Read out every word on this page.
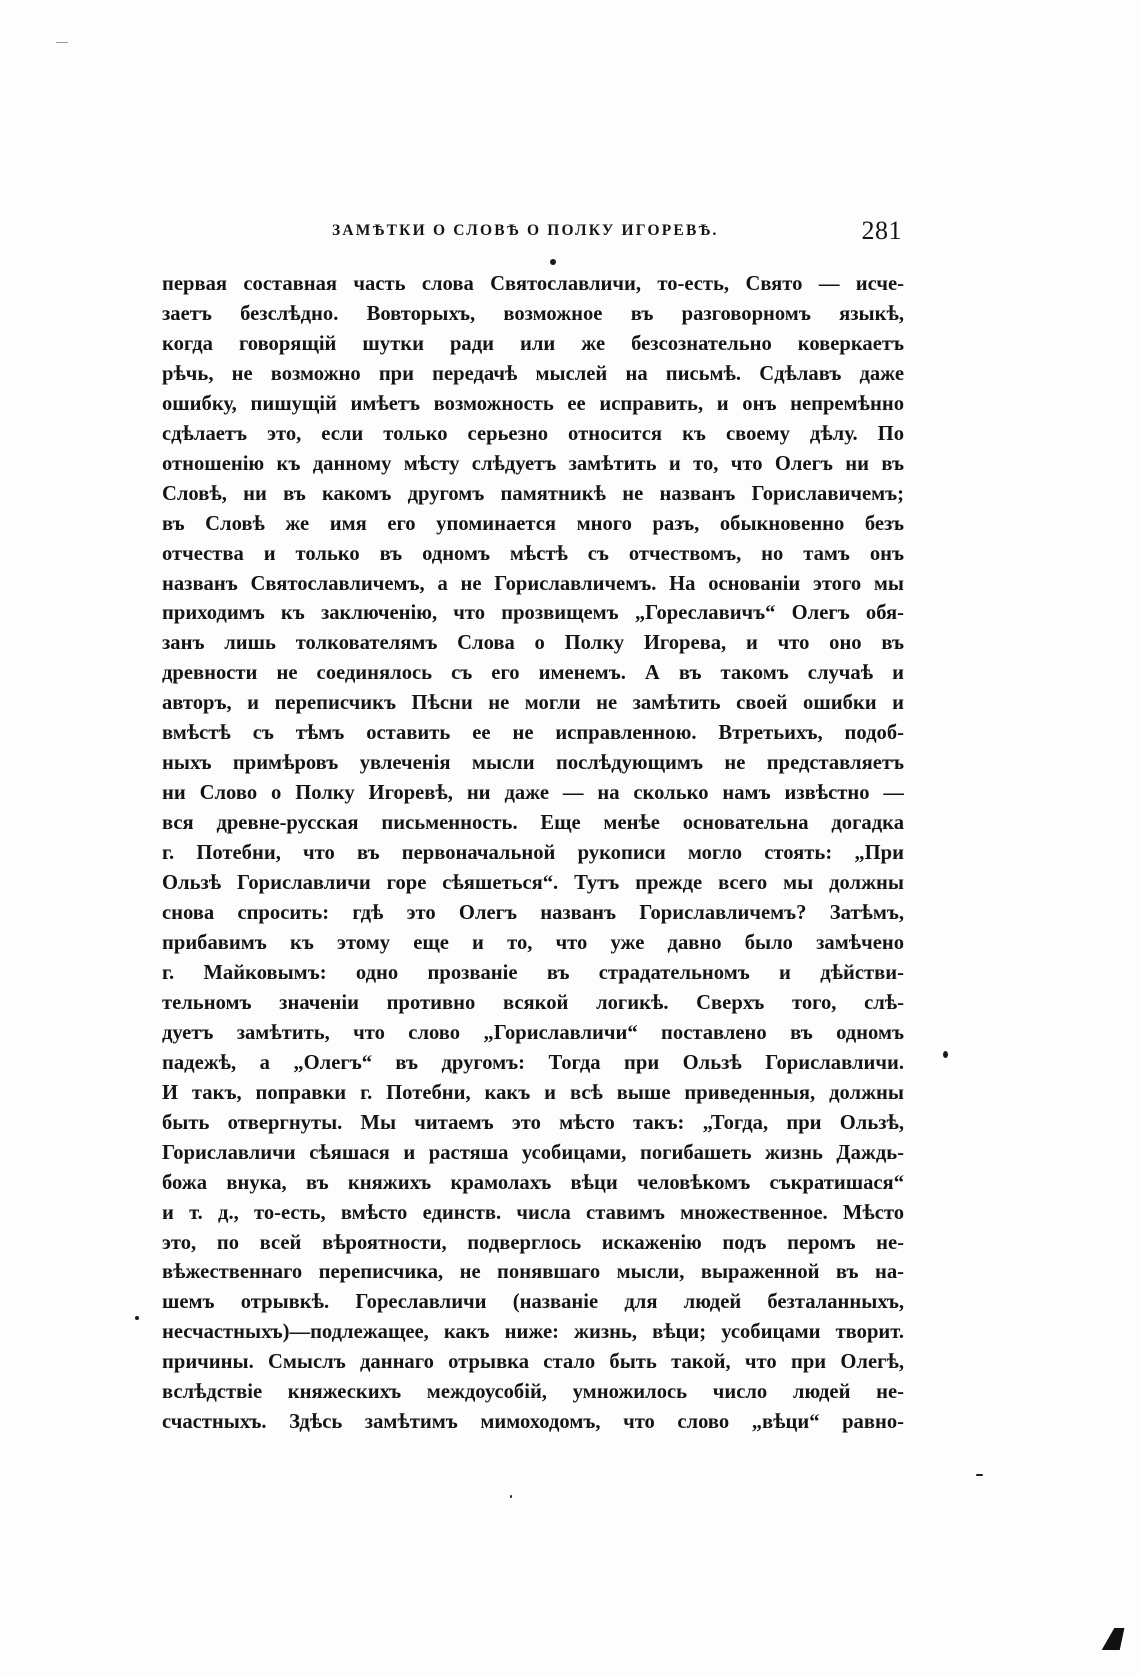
ЗАМѢТКИ О СЛОВѢ О ПОЛКУ ИГОРЕВѢ.	281
первая составная часть слова Святославличи, то-есть, Свято — исче-
заетъ безслѣдно. Вовторыхъ, возможное въ разговорномъ языкѣ,
когда говорящій шутки ради или же безсознательно коверкаетъ
рѣчь, не возможно при передачѣ мыслей на письмѣ. Сдѣлавъ даже
ошибку, пишущій имѣетъ возможность ее исправить, и онъ непремѣнно
сдѣлаетъ это, если только серьезно относится къ своему дѣлу. По
отношенію къ данному мѣсту слѣдуетъ замѣтить и то, что Олегъ ни въ
Словѣ, ни въ какомъ другомъ памятникѣ не названъ Гориславичемъ;
въ Словѣ же имя его упоминается много разъ, обыкновенно безъ
отчества и только въ одномъ мѣстѣ съ отчествомъ, но тамъ онъ
названъ Святославличемъ, а не Гориславличемъ. На основаніи этого мы
приходимъ къ заключенію, что прозвищемъ „Гореславичъ“ Олегъ обя-
занъ лишь толкователямъ Слова о Полку Игорева, и что оно въ
древности не соединялось съ его именемъ. А въ такомъ случаѣ и
авторъ, и переписчикъ Пѣсни не могли не замѣтить своей ошибки и
вмѣстѣ съ тѣмъ оставить ее не исправленною. Втретьихъ, подоб-
ныхъ примѣровъ увлеченія мысли послѣдующимъ не представляетъ
ни Слово о Полку Игоревѣ, ни даже — на сколько намъ извѣстно —
вся древне-русская письменность. Еще менѣе основательна догадка
г. Потебни, что въ первоначальной рукописи могло стоять: „При
Ользѣ Гориславличи горе сѣяшеться“. Тутъ прежде всего мы должны
снова спросить: гдѣ это Олегъ названъ Гориславличемъ? Затѣмъ,
прибавимъ къ этому еще и то, что уже давно было замѣчено
г. Майковымъ: одно прозваніе въ страдательномъ и дѣйстви-
тельномъ значеніи противно всякой логикѣ. Сверхъ того, слѣ-
дуетъ замѣтить, что слово „Гориславличи“ поставлено въ одномъ
падежѣ, а „Олегъ“ въ другомъ: Тогда при Ользѣ Гориславличи.
И такъ, поправки г. Потебни, какъ и всѣ выше приведенныя, должны
быть отвергнуты. Мы читаемъ это мѣсто такъ: „Тогда, при Ользѣ,
Гориславличи сѣяшася и растяша усобицами, погибашеть жизнь Даждь-
божа внука, въ княжихъ крамолахъ вѣци человѣкомъ съкратишася“
и т. д., то-есть, вмѣсто единств. числа ставимъ множественное. Мѣсто
это, по всей вѣроятности, подверглось искаженію подъ перомъ не-
вѣжественнаго переписчика, не понявшаго мысли, выраженной въ на-
шемъ отрывкѣ. Гореславличи (названіе для людей безталанныхъ,
несчастныхъ)—подлежащее, какъ ниже: жизнь, вѣци; усобицами творит.
причины. Смыслъ даннаго отрывка стало быть такой, что при Олегѣ,
вслѣдствіе княжескихъ междоусобій, умножилось число людей не-
счастныхъ. Здѣсь замѣтимъ мимоходомъ, что слово „вѣци“ равно-
